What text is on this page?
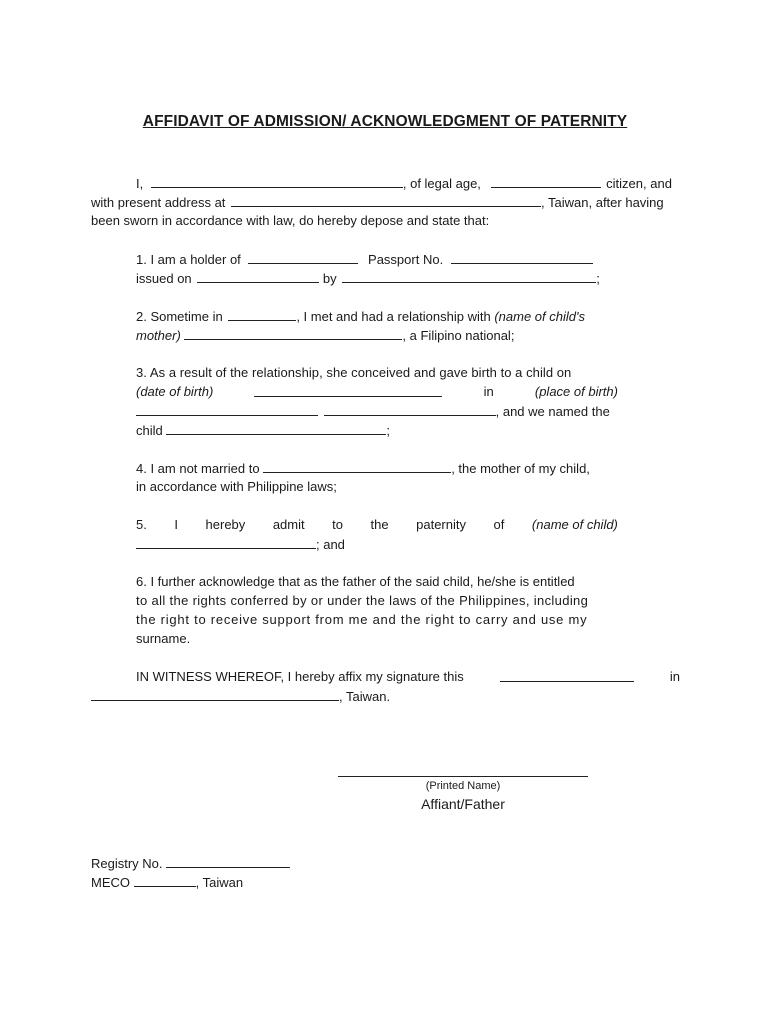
AFFIDAVIT OF ADMISSION/ ACKNOWLEDGMENT OF PATERNITY
I,	, of legal age,	citizen, and
with present address at	, Taiwan, after having
been sworn in accordance with law, do hereby depose and state that:
1. I am a holder of	Passport No.
issued on	by	;
2. Sometime in	, I met and had a relationship with (name of child's
mother)	, a Filipino national;
3. As a result of the relationship, she conceived and gave birth to a child on
(date of birth)	in	(place of birth)
, and we named the
child	;
4. I am not married to	, the mother of my child,
in accordance with Philippine laws;
5. I hereby admit to the paternity of (name of child)
; and
6. I further acknowledge that as the father of the said child, he/she is entitled
to all the rights conferred by or under the laws of the Philippines, including
the right to receive support from me and the right to carry and use my
surname.
IN WITNESS WHEREOF, I hereby affix my signature this	in
, Taiwan.
(Printed Name)
Affiant/Father
Registry No.
MECO	, Taiwan
